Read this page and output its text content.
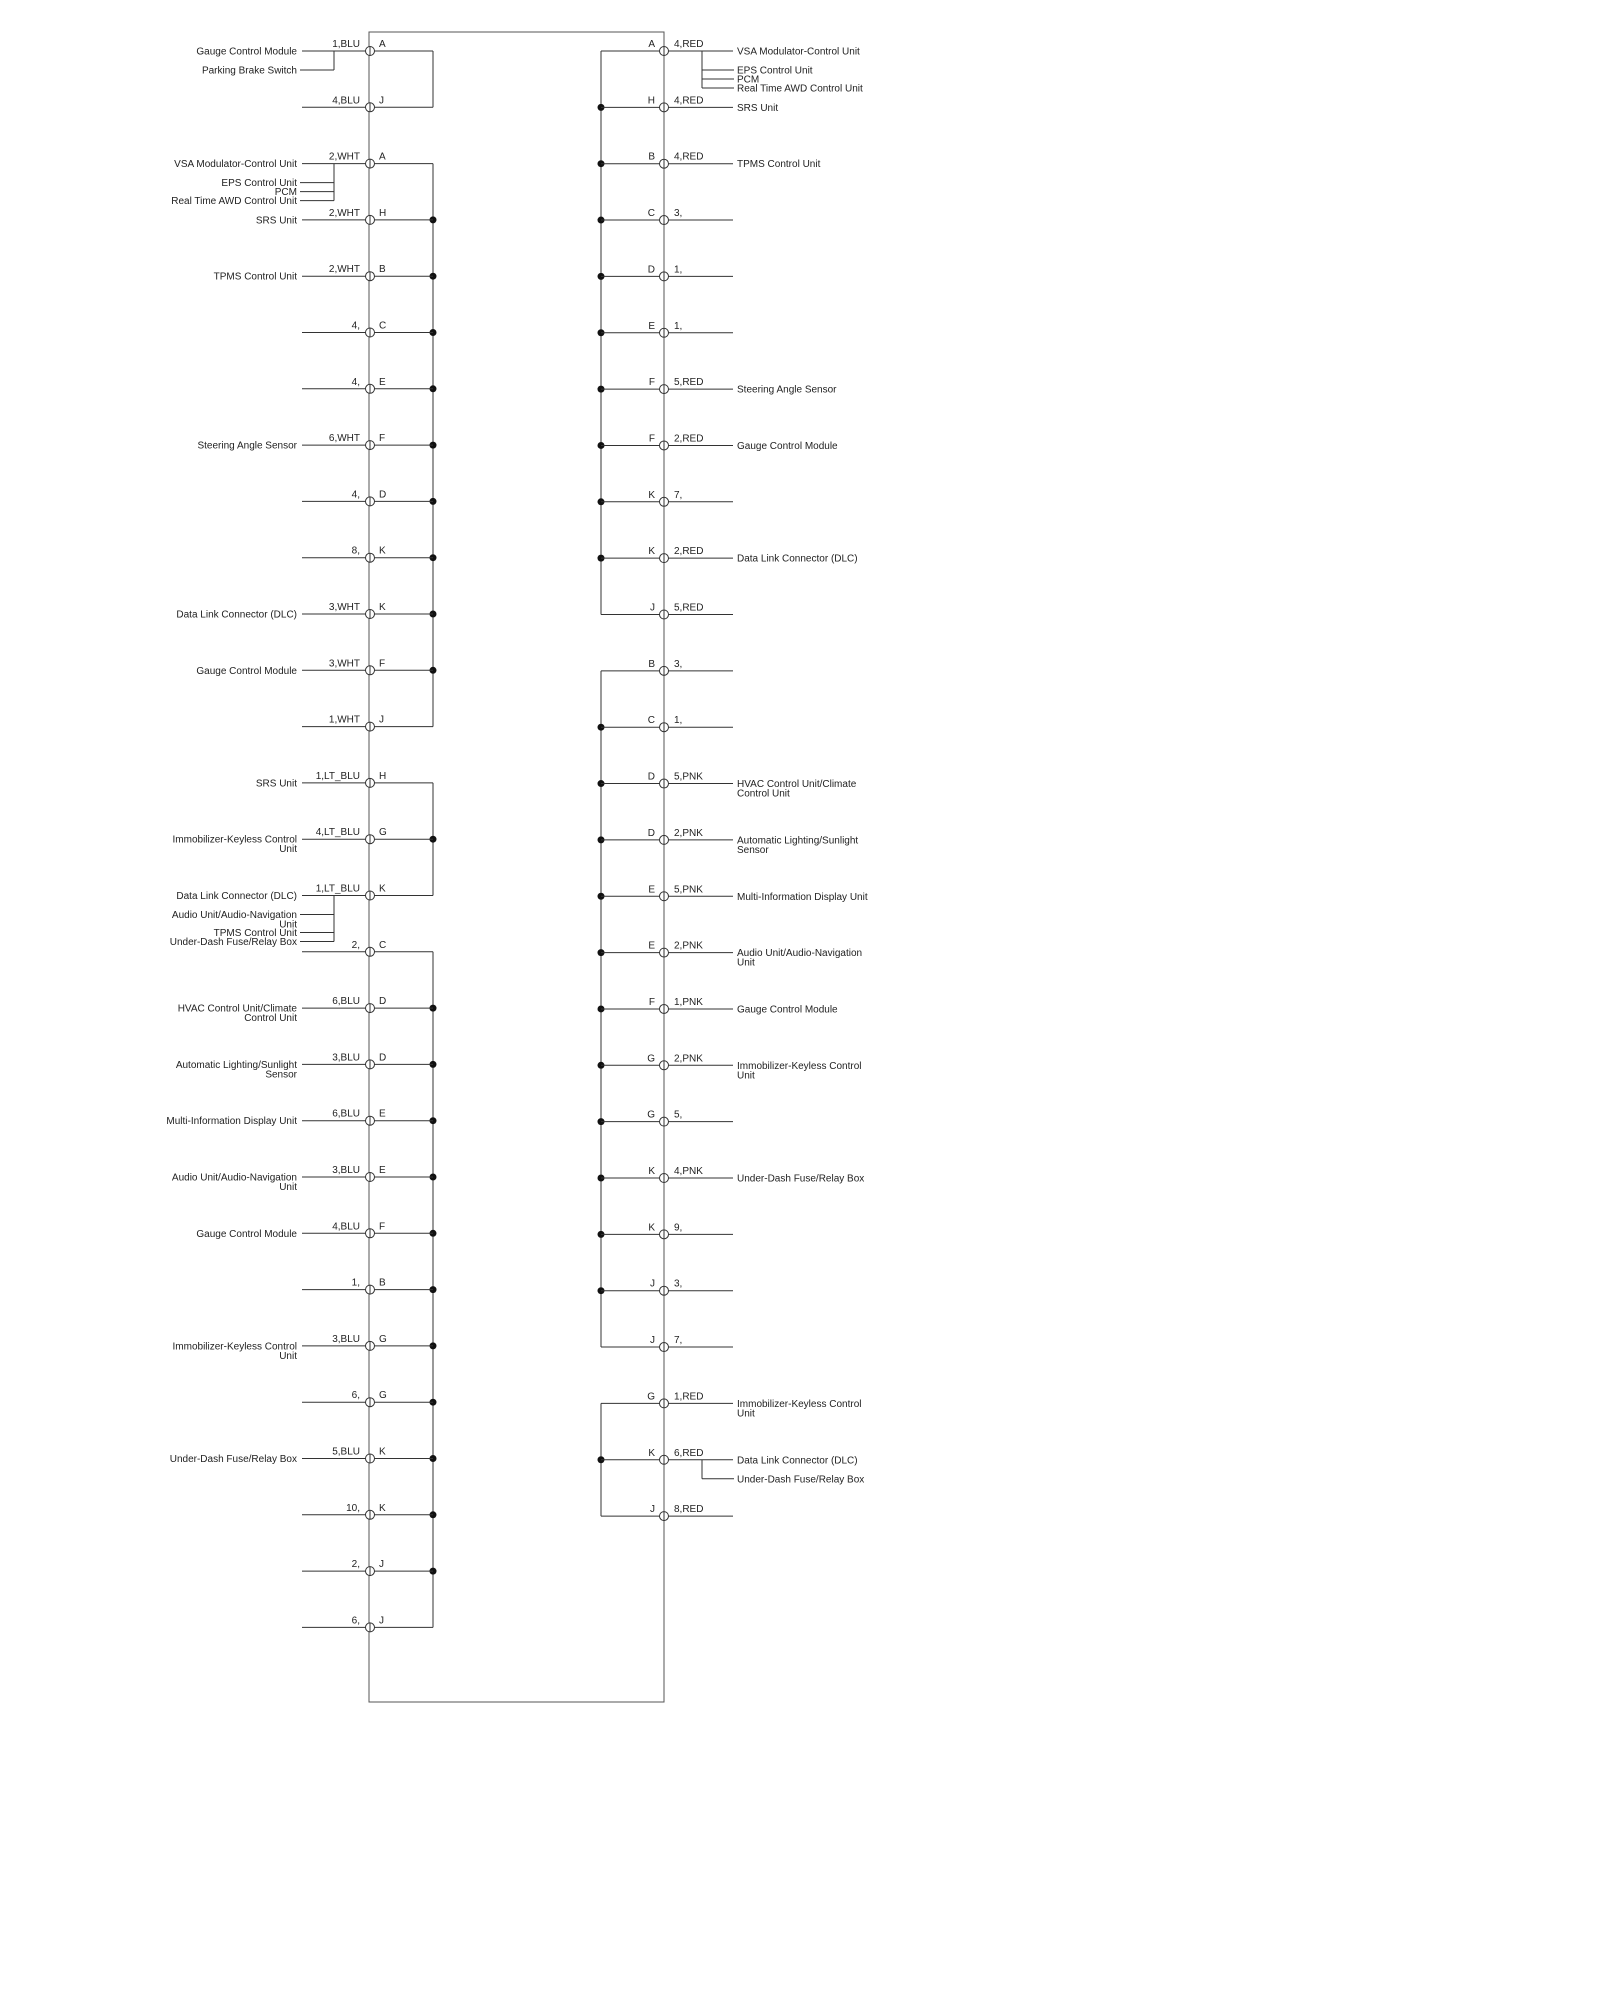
1,BLU A
4,BLU J
2,WHT A
2,WHT H
2,WHT B
4, C
4, E
6,WHT F
4, D
8, K
3,WHT K
3,WHT F
1,WHT J
1,LT_BLU H
4,LT_BLU G
1,LT_BLU K
2, C
6,BLU D
3,BLU D
6,BLU E
3,BLU E
4,BLU F
1, B
3,BLU G
6, G
5,BLU K
10, K
2, J
6, J
4,RED
A
4,RED
H
4,RED
B
3,
C
1,
D
1,
E
5,RED
F
2,RED
F
7,
K
2,RED
K
5,RED
J
3,
B
1,
C
5,PNK
D
2,PNK
D
5,PNK
E
2,PNK
E
1,PNK
F
2,PNK
G
5,
G
4,PNK
K
9,
K
3,
J
7,
J
1,RED
G
6,RED
K
8,RED
J
Gauge Control Module
Parking Brake Switch
VSA Modulator-Control Unit
EPS Control Unit
PCM
Real Time AWD Control Unit
SRS Unit
TPMS Control Unit
Steering Angle Sensor
Data Link Connector (DLC)
Gauge Control Module
SRS Unit
Immobilizer-Keyless Control
Unit
Data Link Connector (DLC)
Audio Unit/Audio-Navigation
Unit
TPMS Control Unit
Under-Dash Fuse/Relay Box
HVAC Control Unit/Climate
Control Unit
Automatic Lighting/Sunlight
Sensor
Multi-Information Display Unit
Audio Unit/Audio-Navigation
Unit
Gauge Control Module
Immobilizer-Keyless Control
Unit
Under-Dash Fuse/Relay Box
VSA Modulator-Control Unit
EPS Control Unit
PCM
Real Time AWD Control Unit
SRS Unit
TPMS Control Unit
Steering Angle Sensor
Gauge Control Module
Data Link Connector (DLC)
HVAC Control Unit/Climate
Control Unit
Automatic Lighting/Sunlight
Sensor
Multi-Information Display Unit
Audio Unit/Audio-Navigation
Unit
Gauge Control Module
Immobilizer-Keyless Control
Unit
Under-Dash Fuse/Relay Box
Immobilizer-Keyless Control
Unit
Data Link Connector (DLC)
Under-Dash Fuse/Relay Box
